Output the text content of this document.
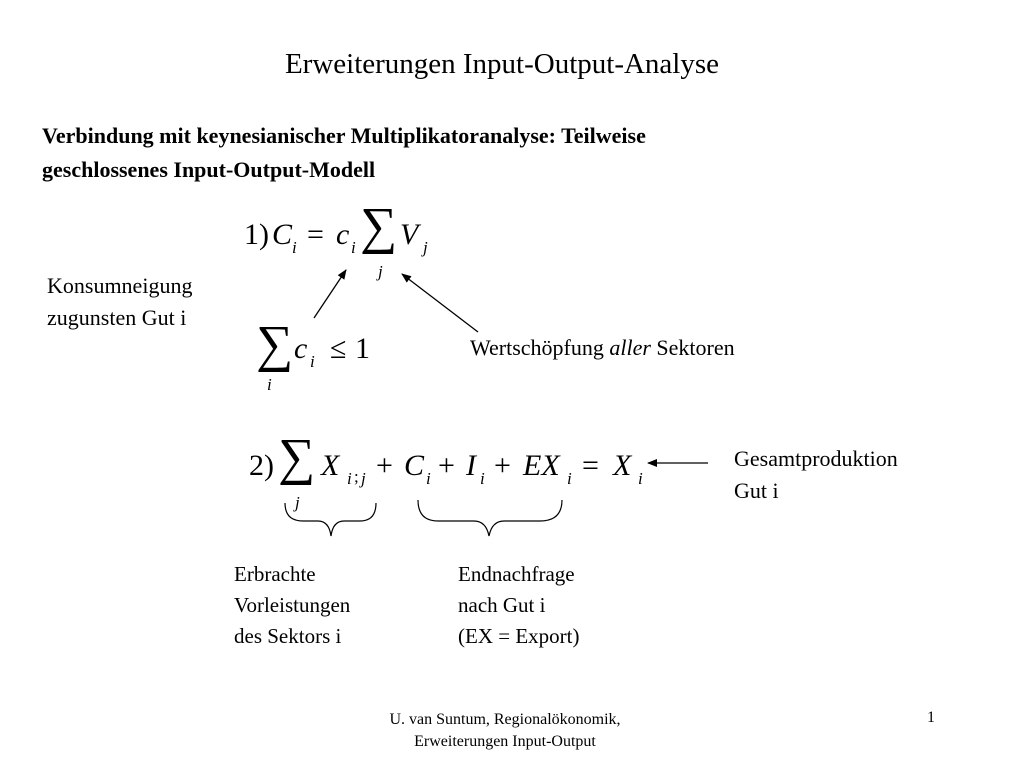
Erweiterungen Input-Output-Analyse
Verbindung mit keynesianischer Multiplikatoranalyse: Teilweise
geschlossenes Input-Output-Modell
1) C i = c i ∑
j
V j
∑
i
c i ≤ 1
Konsumneigung
zugunsten Gut i
Wertschöpfung aller Sektoren
2) ∑
j
X i ; j + C i + I i + EX i = X i
Gesamtproduktion
Gut i
Erbrachte
Vorleistungen
des Sektors i
Endnachfrage
nach Gut i
(EX = Export)
U. van Suntum, Regionalökonomik,
Erweiterungen Input-Output
1
